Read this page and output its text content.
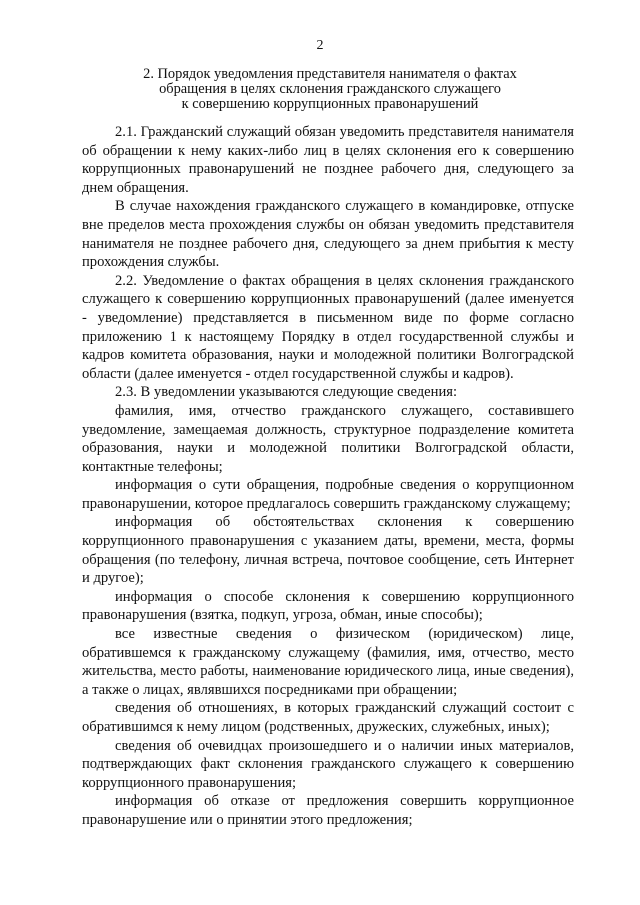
2
2. Порядок уведомления представителя нанимателя о фактах
обращения в целях склонения гражданского служащего
к совершению коррупционных правонарушений

2.1. Гражданский служащий обязан уведомить представителя нанимателя об обращении к нему каких-либо лиц в целях склонения его к совершению коррупционных правонарушений не позднее рабочего дня, следующего за днем обращения.

В случае нахождения гражданского служащего в командировке, отпуске вне пределов места прохождения службы он обязан уведомить представителя нанимателя не позднее рабочего дня, следующего за днем прибытия к месту прохождения службы.

2.2. Уведомление о фактах обращения в целях склонения гражданского служащего к совершению коррупционных правонарушений (далее именуется - уведомление) представляется в письменном виде по форме согласно приложению 1 к настоящему Порядку в отдел государственной службы и кадров комитета образования, науки и молодежной политики Волгоградской области (далее именуется - отдел государственной службы и кадров).

2.3. В уведомлении указываются следующие сведения:

фамилия, имя, отчество гражданского служащего, составившего уведомление, замещаемая должность, структурное подразделение комитета образования, науки и молодежной политики Волгоградской области, контактные телефоны;

информация о сути обращения, подробные сведения о коррупционном правонарушении, которое предлагалось совершить гражданскому служащему;

информация об обстоятельствах склонения к совершению коррупционного правонарушения с указанием даты, времени, места, формы обращения (по телефону, личная встреча, почтовое сообщение, сеть Интернет и другое);

информация о способе склонения к совершению коррупционного правонарушения (взятка, подкуп, угроза, обман, иные способы);

все известные сведения о физическом (юридическом) лице, обратившемся к гражданскому служащему (фамилия, имя, отчество, место жительства, место работы, наименование юридического лица, иные сведения), а также о лицах, являвшихся посредниками при обращении;

сведения об отношениях, в которых гражданский служащий состоит с обратившимся к нему лицом (родственных, дружеских, служебных, иных);

сведения об очевидцах произошедшего и о наличии иных материалов, подтверждающих факт склонения гражданского служащего к совершению коррупционного правонарушения;

информация об отказе от предложения совершить коррупционное правонарушение или о принятии этого предложения;
